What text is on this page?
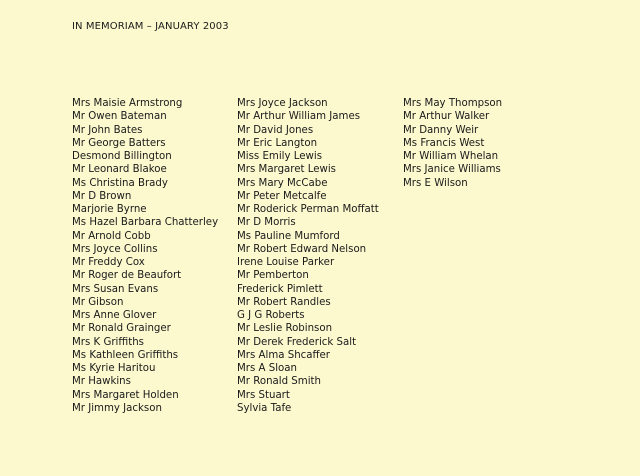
IN MEMORIAM – JANUARY 2003
Mrs Maisie Armstrong
Mr Owen Bateman
Mr John Bates
Mr George Batters
Desmond Billington
Mr Leonard Blakoe
Ms Christina Brady
Mr D Brown
Marjorie Byrne
Ms Hazel Barbara Chatterley
Mr Arnold Cobb
Mrs Joyce Collins
Mr Freddy Cox
Mr Roger de Beaufort
Mrs Susan Evans
Mr Gibson
Mrs Anne Glover
Mr Ronald Grainger
Mrs K Griffiths
Ms Kathleen Griffiths
Ms Kyrie Haritou
Mr Hawkins
Mrs Margaret Holden
Mr Jimmy Jackson
Mrs Joyce Jackson
Mr Arthur William James
Mr David Jones
Mr Eric Langton
Miss Emily Lewis
Mrs Margaret Lewis
Mrs Mary McCabe
Mr Peter Metcalfe
Mr Roderick Perman Moffatt
Mr D Morris
Ms Pauline Mumford
Mr Robert Edward Nelson
Irene Louise Parker
Mr Pemberton
Frederick Pimlett
Mr Robert Randles
G J G Roberts
Mr Leslie Robinson
Mr Derek Frederick Salt
Mrs Alma Shcaffer
Mrs A Sloan
Mr Ronald Smith
Mrs Stuart
Sylvia Tafe
Mrs May Thompson
Mr Arthur Walker
Mr Danny Weir
Ms Francis West
Mr William Whelan
Mrs Janice Williams
Mrs E Wilson
